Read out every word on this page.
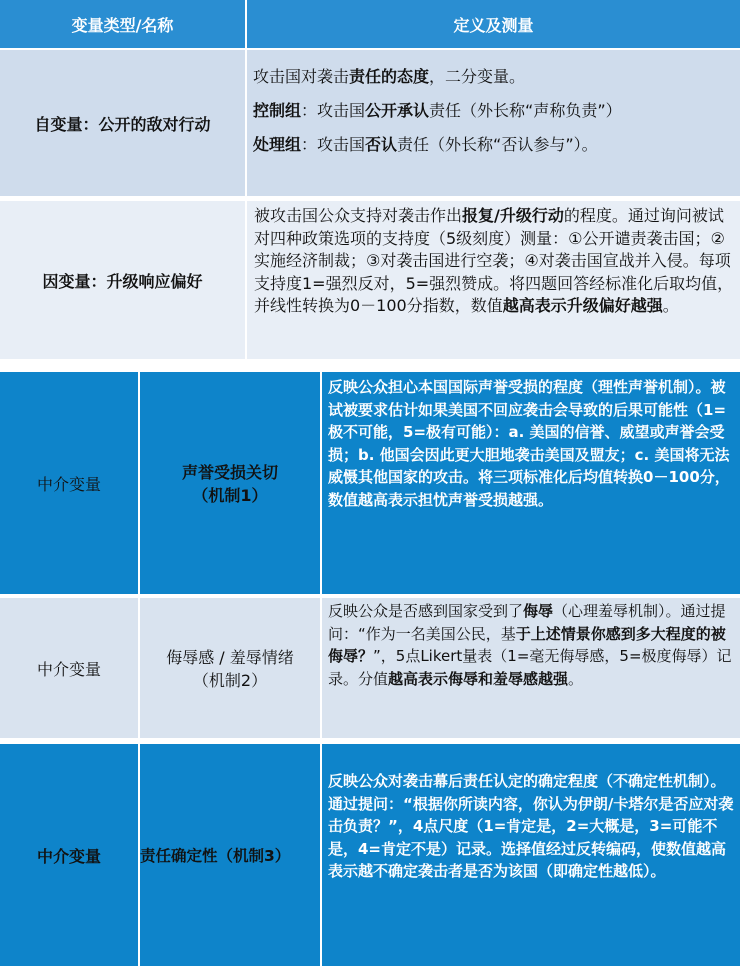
变量类型/名称	定义及测量
自变量：公开的敌对行动

攻击国对袭击责任的态度，二分变量。

控制组：攻击国公开承认责任（外长称“声称负责”）

处理组：攻击国否认责任（外长称“否认参与”）。

因变量：升级响应偏好

被攻击国公众支持对袭击作出报复/升级行动的程度。通过询问被试对四种政策选项的支持度（5级刻度）测量：①公开谴责袭击国；②实施经济制裁；③对袭击国进行空袭；④对袭击国宣战并入侵。每项支持度1=强烈反对，5=强烈赞成。将四题回答经标准化后取均值，并线性转换为0－100分指数，数值越高表示升级偏好越强。

中介变量
声誉受损关切
（机制1）

反映公众担心本国国际声誉受损的程度（理性声誉机制）。被试被要求估计如果美国不回应袭击会导致的后果可能性（1=极不可能，5=极有可能）：a. 美国的信誉、威望或声誉会受损；b. 他国会因此更大胆地袭击美国及盟友；c. 美国将无法威慑其他国家的攻击。将三项标准化后均值转换0－100分，数值越高表示担忧声誉受损越强。

中介变量
侮辱感 / 羞辱情绪
（机制2）

反映公众是否感到国家受到了侮辱（心理羞辱机制）。通过提问：“作为一名美国公民，基于上述情景你感到多大程度的被侮辱？”，5点Likert量表（1=毫无侮辱感，5=极度侮辱）记录。分值越高表示侮辱和羞辱感越强。

中介变量	责任确定性（机制3）

反映公众对袭击幕后责任认定的确定程度（不确定性机制）。通过提问：“根据你所读内容，你认为伊朗/卡塔尔是否应对袭击负责？”，4点尺度（1=肯定是，2=大概是，3=可能不是，4=肯定不是）记录。选择值经过反转编码，使数值越高表示越不确定袭击者是否为该国（即确定性越低）。
